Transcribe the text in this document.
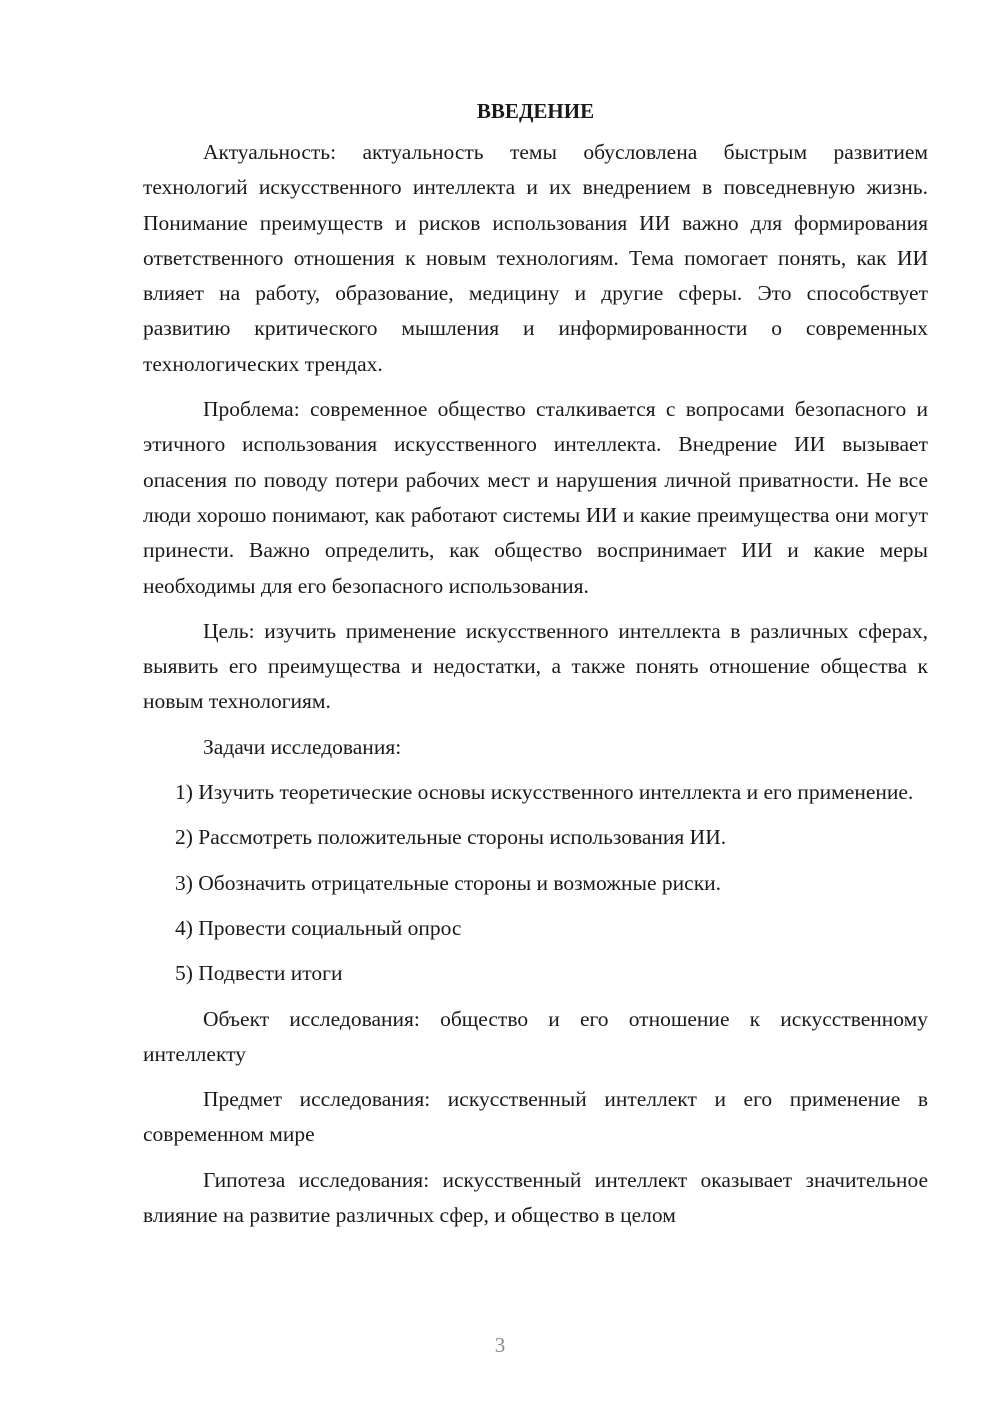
ВВЕДЕНИЕ

Актуальность: актуальность темы обусловлена быстрым развитием технологий искусственного интеллекта и их внедрением в повседневную жизнь. Понимание преимуществ и рисков использования ИИ важно для формирования ответственного отношения к новым технологиям. Тема помогает понять, как ИИ влияет на работу, образование, медицину и другие сферы. Это способствует развитию критического мышления и информированности о современных технологических трендах.

Проблема: современное общество сталкивается с вопросами безопасного и этичного использования искусственного интеллекта. Внедрение ИИ вызывает опасения по поводу потери рабочих мест и нарушения личной приватности. Не все люди хорошо понимают, как работают системы ИИ и какие преимущества они могут принести. Важно определить, как общество воспринимает ИИ и какие меры необходимы для его безопасного использования.

Цель: изучить применение искусственного интеллекта в различных сферах, выявить его преимущества и недостатки, а также понять отношение общества к новым технологиям.

Задачи исследования:

1) Изучить теоретические основы искусственного интеллекта и его применение.

2) Рассмотреть положительные стороны использования ИИ.

3) Обозначить отрицательные стороны и возможные риски.

4) Провести социальный опрос

5) Подвести итоги

Объект исследования: общество и его отношение к искусственному интеллекту

Предмет исследования: искусственный интеллект и его применение в современном мире

Гипотеза исследования: искусственный интеллект оказывает значительное влияние на развитие различных сфер, и общество в целом

3
